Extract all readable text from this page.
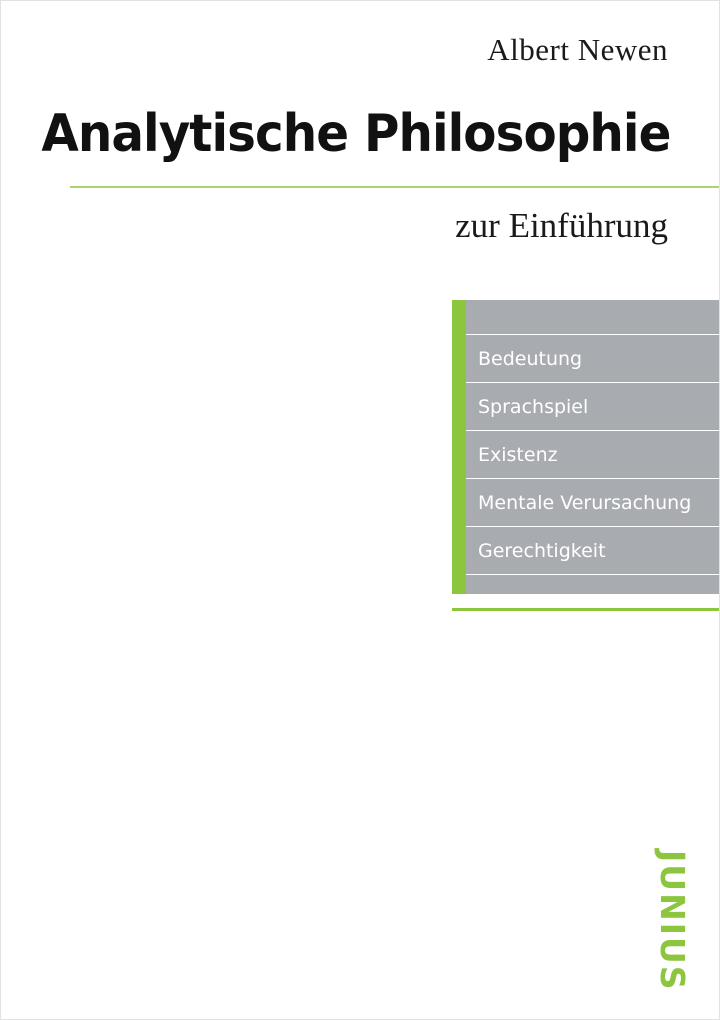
Albert Newen
Analytische Philosophie
zur Einführung
Bedeutung
Sprachspiel
Existenz
Mentale Verursachung
Gerechtigkeit
JUNIUS
